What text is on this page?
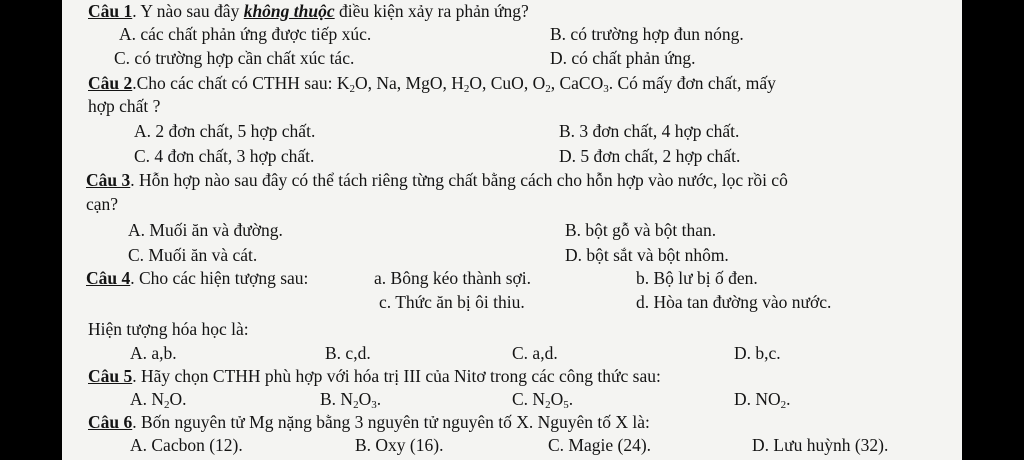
Câu 1. Y nào sau đây không thuộc điều kiện xảy ra phản ứng?
A. các chất phản ứng được tiếp xúc.	B. có trường hợp đun nóng.
C. có trường hợp cần chất xúc tác.	D. có chất phản ứng.
Câu 2.Cho các chất có CTHH sau: $K_2O$, Na, MgO, $H_2O$, CuO, $O_2$, CaCO$_3$. Có mấy đơn chất, mấy
hợp chất ?
A. 2 đơn chất, 5 hợp chất.	B. 3 đơn chất, 4 hợp chất.
C. 4 đơn chất, 3 hợp chất.	D. 5 đơn chất, 2 hợp chất.
Câu 3. Hỗn hợp nào sau đây có thể tách riêng từng chất bằng cách cho hỗn hợp vào nước, lọc rồi cô
cạn?
A. Muối ăn và đường.	B. bột gỗ và bột than.
C. Muối ăn và cát.	D. bột sắt và bột nhôm.
Câu 4. Cho các hiện tượng sau:	a. Bông kéo thành sợi.	b. Bộ lư bị ố đen.
c. Thức ăn bị ôi thiu.	d. Hòa tan đường vào nước.
Hiện tượng hóa học là:
A. a,b.	B. c,d.	C. a,d.	D. b,c.
Câu 5. Hãy chọn CTHH phù hợp với hóa trị III của Nitơ trong các công thức sau:
A. $N_2O$.	B. $N_2O_3$.	C. $N_2O_5$.	D. $NO_2$.
Câu 6. Bốn nguyên tử Mg nặng bằng 3 nguyên tử nguyên tố X. Nguyên tố X là:
A. Cacbon (12).	B. Oxy (16).	C. Magie (24).	D. Lưu huỳnh (32).
